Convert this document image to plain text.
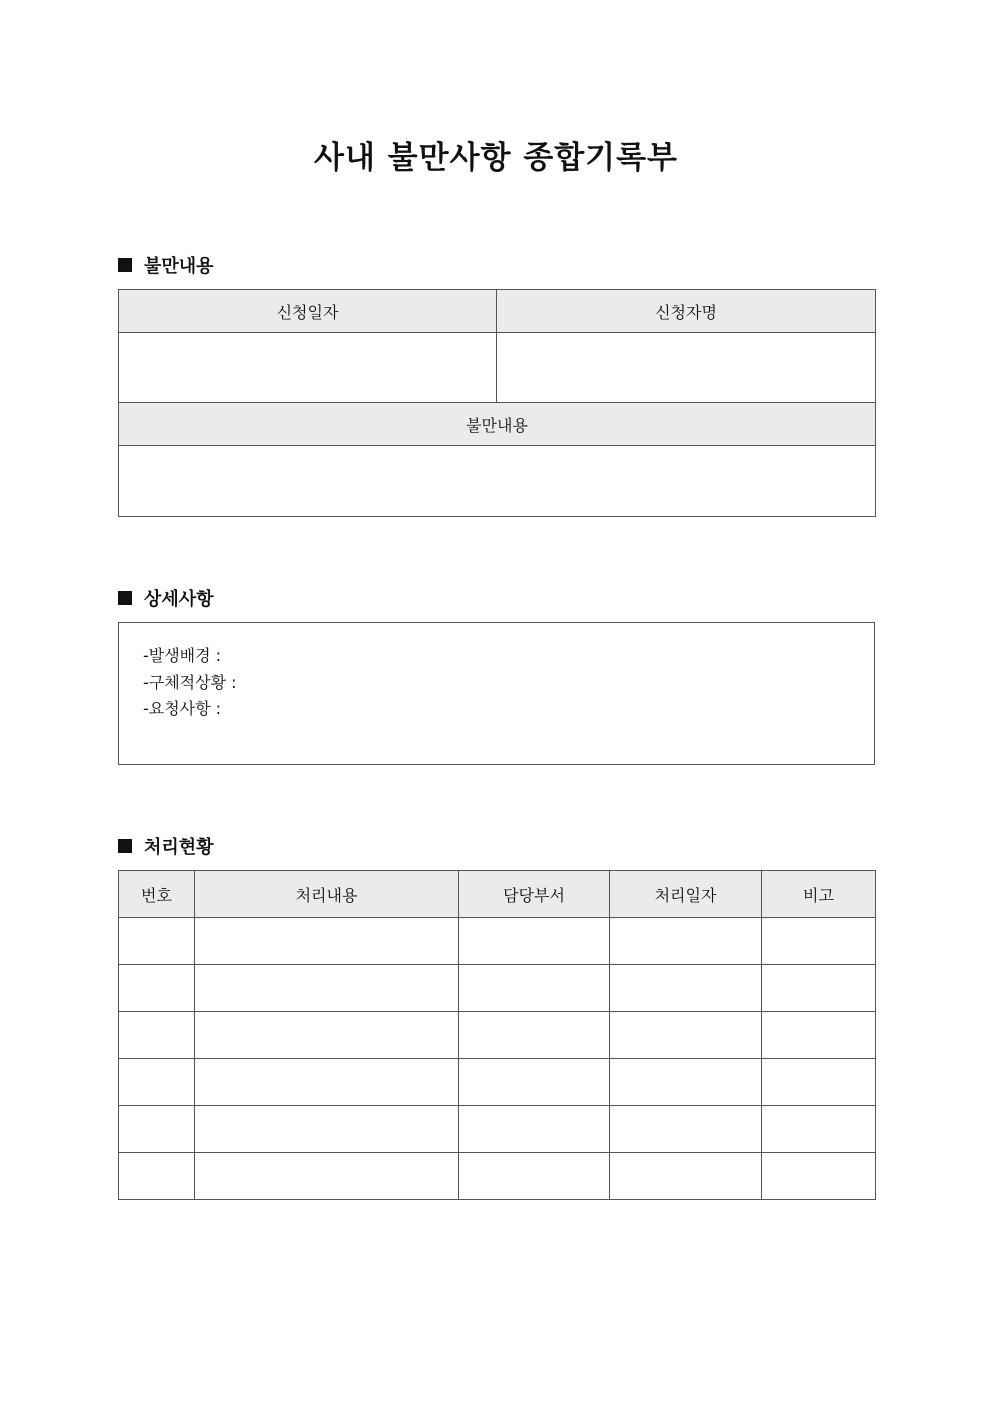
사내 불만사항 종합기록부
불만내용
신청일자	신청자명

불만내용	

상세사항
-발생배경 :
-구체적상황 :
-요청사항 :
처리현황
번호	처리내용	담당부서	처리일자	비고
